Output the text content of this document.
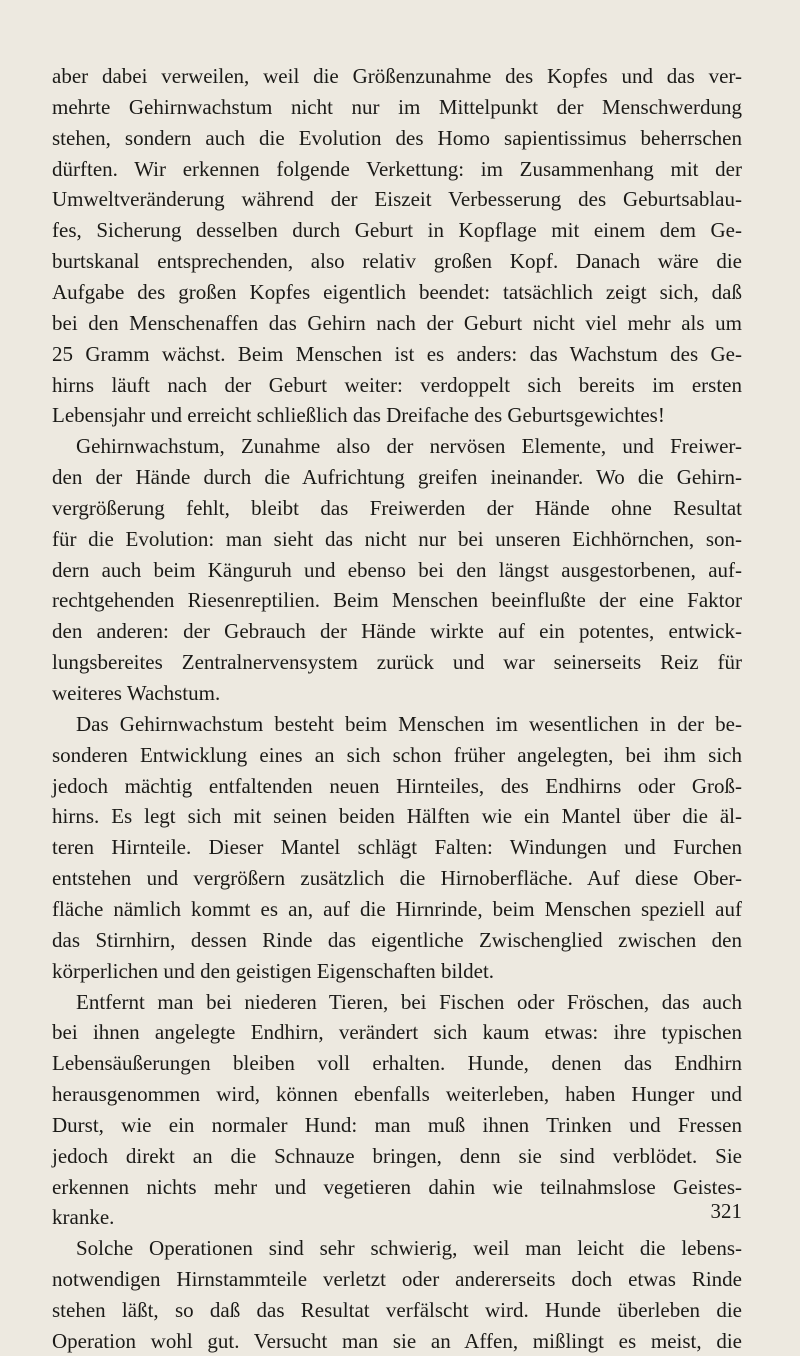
aber dabei verweilen, weil die Größenzunahme des Kopfes und das ver-
mehrte Gehirnwachstum nicht nur im Mittelpunkt der Menschwerdung
stehen, sondern auch die Evolution des Homo sapientissimus beherrschen
dürften. Wir erkennen folgende Verkettung: im Zusammenhang mit der
Umweltveränderung während der Eiszeit Verbesserung des Geburtsablau-
fes, Sicherung desselben durch Geburt in Kopflage mit einem dem Ge-
burtskanal entsprechenden, also relativ großen Kopf. Danach wäre die
Aufgabe des großen Kopfes eigentlich beendet: tatsächlich zeigt sich, daß
bei den Menschenaffen das Gehirn nach der Geburt nicht viel mehr als um
25 Gramm wächst. Beim Menschen ist es anders: das Wachstum des Ge-
hirns läuft nach der Geburt weiter: verdoppelt sich bereits im ersten
Lebensjahr und erreicht schließlich das Dreifache des Geburtsgewichtes!
Gehirnwachstum, Zunahme also der nervösen Elemente, und Freiwer-
den der Hände durch die Aufrichtung greifen ineinander. Wo die Gehirn-
vergrößerung fehlt, bleibt das Freiwerden der Hände ohne Resultat
für die Evolution: man sieht das nicht nur bei unseren Eichhörnchen, son-
dern auch beim Känguruh und ebenso bei den längst ausgestorbenen, auf-
rechtgehenden Riesenreptilien. Beim Menschen beeinflußte der eine Faktor
den anderen: der Gebrauch der Hände wirkte auf ein potentes, entwick-
lungsbereites Zentralnervensystem zurück und war seinerseits Reiz für
weiteres Wachstum.
Das Gehirnwachstum besteht beim Menschen im wesentlichen in der be-
sonderen Entwicklung eines an sich schon früher angelegten, bei ihm sich
jedoch mächtig entfaltenden neuen Hirnteiles, des Endhirns oder Groß-
hirns. Es legt sich mit seinen beiden Hälften wie ein Mantel über die äl-
teren Hirnteile. Dieser Mantel schlägt Falten: Windungen und Furchen
entstehen und vergrößern zusätzlich die Hirnoberfläche. Auf diese Ober-
fläche nämlich kommt es an, auf die Hirnrinde, beim Menschen speziell auf
das Stirnhirn, dessen Rinde das eigentliche Zwischenglied zwischen den
körperlichen und den geistigen Eigenschaften bildet.
Entfernt man bei niederen Tieren, bei Fischen oder Fröschen, das auch
bei ihnen angelegte Endhirn, verändert sich kaum etwas: ihre typischen
Lebensäußerungen bleiben voll erhalten. Hunde, denen das Endhirn
herausgenommen wird, können ebenfalls weiterleben, haben Hunger und
Durst, wie ein normaler Hund: man muß ihnen Trinken und Fressen
jedoch direkt an die Schnauze bringen, denn sie sind verblödet. Sie
erkennen nichts mehr und vegetieren dahin wie teilnahmslose Geistes-
kranke.
Solche Operationen sind sehr schwierig, weil man leicht die lebens-
notwendigen Hirnstammteile verletzt oder andererseits doch etwas Rinde
stehen läßt, so daß das Resultat verfälscht wird. Hunde überleben die
Operation wohl gut. Versucht man sie an Affen, mißlingt es meist, die
321
